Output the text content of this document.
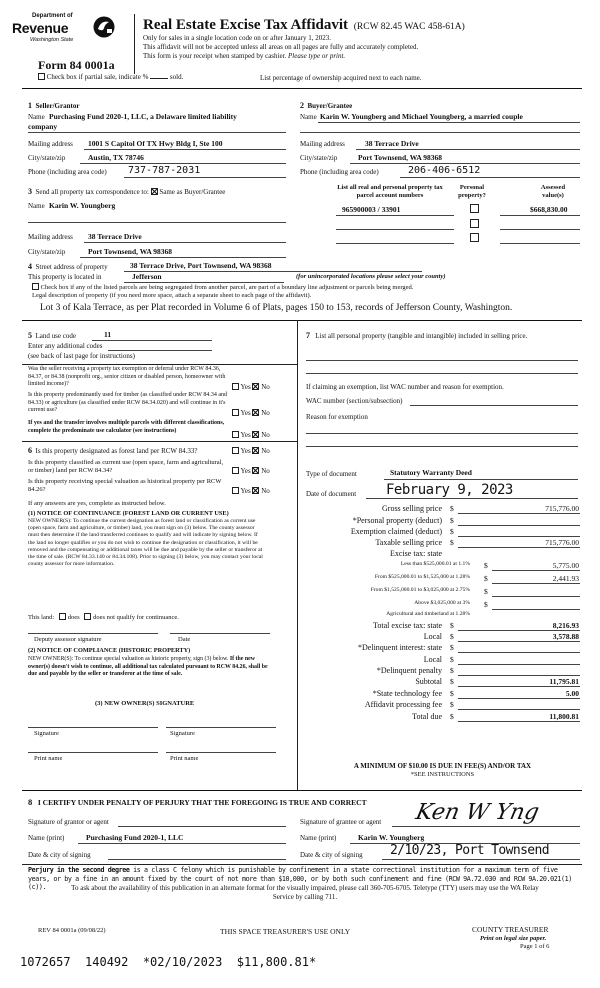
Department of
Revenue
Washington State
Form 84 0001a
Real Estate Excise Tax Affidavit (RCW 82.45 WAC 458-61A)
Only for sales in a single location code on or after January 1, 2023.
This affidavit will not be accepted unless all areas on all pages are fully and accurately completed.
This form is your receipt when stamped by cashier. Please type or print.
Check box if partial sale, indicate %	sold.	List percentage of ownership acquired next to each name.
1 Seller/Grantor
Name Purchasing Fund 2020-1, LLC, a Delaware limited liability
company
Mailing address 1001 S Capitol Of TX Hwy Bldg I, Ste 100
City/state/zip	Austin, TX 78746
Phone (including area code) 737-787-2031
2 Buyer/Grantee
Name Karin W. Youngberg and Michael Youngberg, a married couple
Mailing address	38 Terrace Drive
City/state/zip	Port Townsend, WA 98368
Phone (including area code)	206-406-6512
3 Send all property tax correspondence to: Same as Buyer/Grantee
Name Karin W. Youngberg
Mailing address 38 Terrace Drive
City/state/zip	Port Townsend, WA 98368
List all real and personal property tax parcel account numbers
Personal property?
Assessed value(s)
965900003 / 33901	$668,830.00
4 Street address of property	38 Terrace Drive, Port Townsend, WA 98368
This property is located in	Jefferson	(for unincorporated locations please select your county)
Check box if any of the listed parcels are being segregated from another parcel, are part of a boundary line adjustment or parcels being merged.
Legal description of property (if you need more space, attach a separate sheet to each page of the affidavit).
Lot 3 of Kala Terrace, as per Plat recorded in Volume 6 of Plats, pages 150 to 153, records of Jefferson County, Washington.
5 Land use code	11
Enter any additional codes
(see back of last page for instructions)
Was the seller receiving a property tax exemption or deferral under RCW 84.36, 84.37, or 84.38 (nonprofit org., senior citizen or disabled person, homeowner with limited income)?	Yes No
Is this property predominantly used for timber (as classified under RCW 84.34 and 84.33) or agriculture (as classified under RCW 84.34.020) and will continue in it's current use?	Yes No
If yes and the transfer involves multiple parcels with different classifications, complete the predominate use calculator (see instructions)
Yes No
6 Is this property designated as forest land per RCW 84.33?	Yes No
Is this property classified as current use (open space, farm and agricultural, or timber) land per RCW 84.34?	Yes No
Is this property receiving special valuation as historical property per RCW 84.26?	Yes No
If any answers are yes, complete as instructed below.
(1) NOTICE OF CONTINUANCE (FOREST LAND OR CURRENT USE)
NEW OWNER(S): To continue the current designation as forest land or classification as current use (open space, farm and agriculture, or timber) land, you must sign on (3) below. The county assessor must then determine if the land transferred continues to qualify and will indicate by signing below. If the land no longer qualifies or you do not wish to continue the designation or classification, it will be removed and the compensating or additional taxes will be due and payable by the seller or transferor at the time of sale. (RCW 84.33.140 or 84.34.108). Prior to signing (3) below, you may contact your local county assessor for more information.
This land: does does not qualify for continuance.
Deputy assessor signature	Date
(2) NOTICE OF COMPLIANCE (HISTORIC PROPERTY)
NEW OWNER(S): To continue special valuation as historic property, sign (3) below. If the new owner(s) doesn't wish to continue, all additional tax calculated pursuant to RCW 84.26, shall be due and payable by the seller or transferor at the time of sale.
(3) NEW OWNER(S) SIGNATURE
Signature	Signature
Print name	Print name
7 List all personal property (tangible and intangible) included in selling price.
If claiming an exemption, list WAC number and reason for exemption.
WAC number (section/subsection)
Reason for exemption
Type of document	Statutory Warranty Deed
Date of document February 9, 2023
Gross selling price $	715,776.00
*Personal property (deduct) $
Exemption claimed (deduct) $
Taxable selling price $	715,776.00
Excise tax: state
Less than $525,000.01 at 1.1% $	5,775.00
From $525,000.01 to $1,525,000 at 1.28% $	2,441.93
From $1,525,000.01 to $3,025,000 at 2.75% $
Above $3,025,000 at 3% $
Agricultural and timberland at 1.28%
Total excise tax: state $	8,216.93
Local $	3,578.88
*Delinquent interest: state $
Local $
*Delinquent penalty $
Subtotal $	11,795.81
*State technology fee $	5.00
Affidavit processing fee $
Total due $	11,800.81
A MINIMUM OF $10.00 IS DUE IN FEE(S) AND/OR TAX
*SEE INSTRUCTIONS
8 I CERTIFY UNDER PENALTY OF PERJURY THAT THE FOREGOING IS TRUE AND CORRECT
Signature of grantor or agent	Signature of grantee or agent Ken W Yng
Name (print)	Purchasing Fund 2020-1, LLC	Name (print)	Karin W. Youngberg
Date & city of signing	Date & city of signing 2/10/23, Port Townsend
Perjury in the second degree is a class C felony which is punishable by confinement in a state correctional institution for a maximum term of five years, or by a fine in an amount fixed by the court of not more than $10,000, or by both such confinement and fine (RCW 9A.72.030 and RCW 9A.20.021(1)(c)).	To ask about the availability of this publication in an alternate format for the visually impaired, please call 360-705-6705. Teletype (TTY) users may use the WA Relay Service by calling 711.
REV 84 0001a (09/08/22)	THIS SPACE TREASURER'S USE ONLY	COUNTY TREASURER
Print on legal size paper.
Page 1 of 6
1072657  140492  *02/10/2023  $11,800.81*
